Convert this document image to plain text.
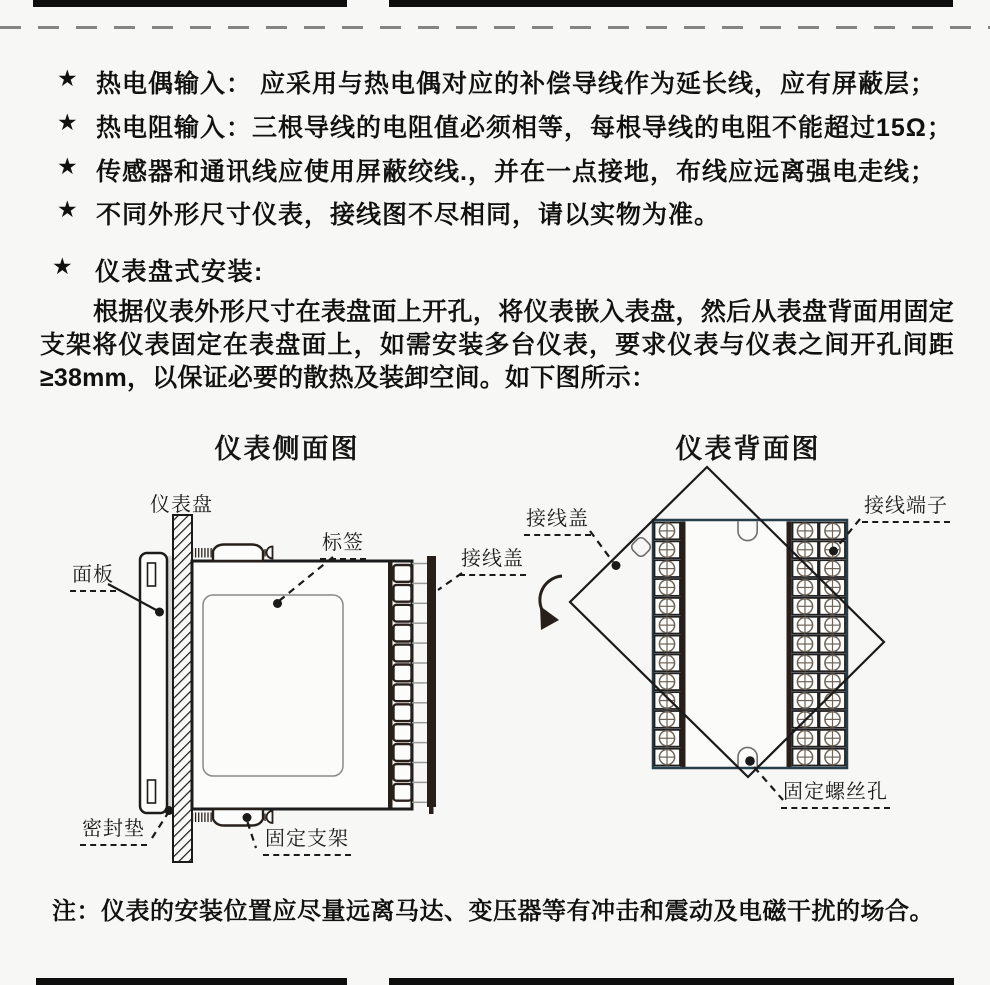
★ 热电偶输入： 应采用与热电偶对应的补偿导线作为延长线，应有屏蔽层；
★ 热电阻输入：三根导线的电阻值必须相等，每根导线的电阻不能超过15Ω；
★ 传感器和通讯线应使用屏蔽绞线.，并在一点接地，布线应远离强电走线；
★ 不同外形尺寸仪表，接线图不尽相同，请以实物为准。
★ 仪表盘式安装:
根据仪表外形尺寸在表盘面上开孔，将仪表嵌入表盘，然后从表盘背面用固定支架将仪表固定在表盘面上，如需安装多台仪表，要求仪表与仪表之间开孔间距≥38mm，以保证必要的散热及装卸空间。如下图所示：
仪表侧面图	仪表背面图
仪表盘
面板
标签
接线盖
密封垫	固定支架
接线盖
接线端子
固定螺丝孔
注：仪表的安装位置应尽量远离马达、变压器等有冲击和震动及电磁干扰的场合。
